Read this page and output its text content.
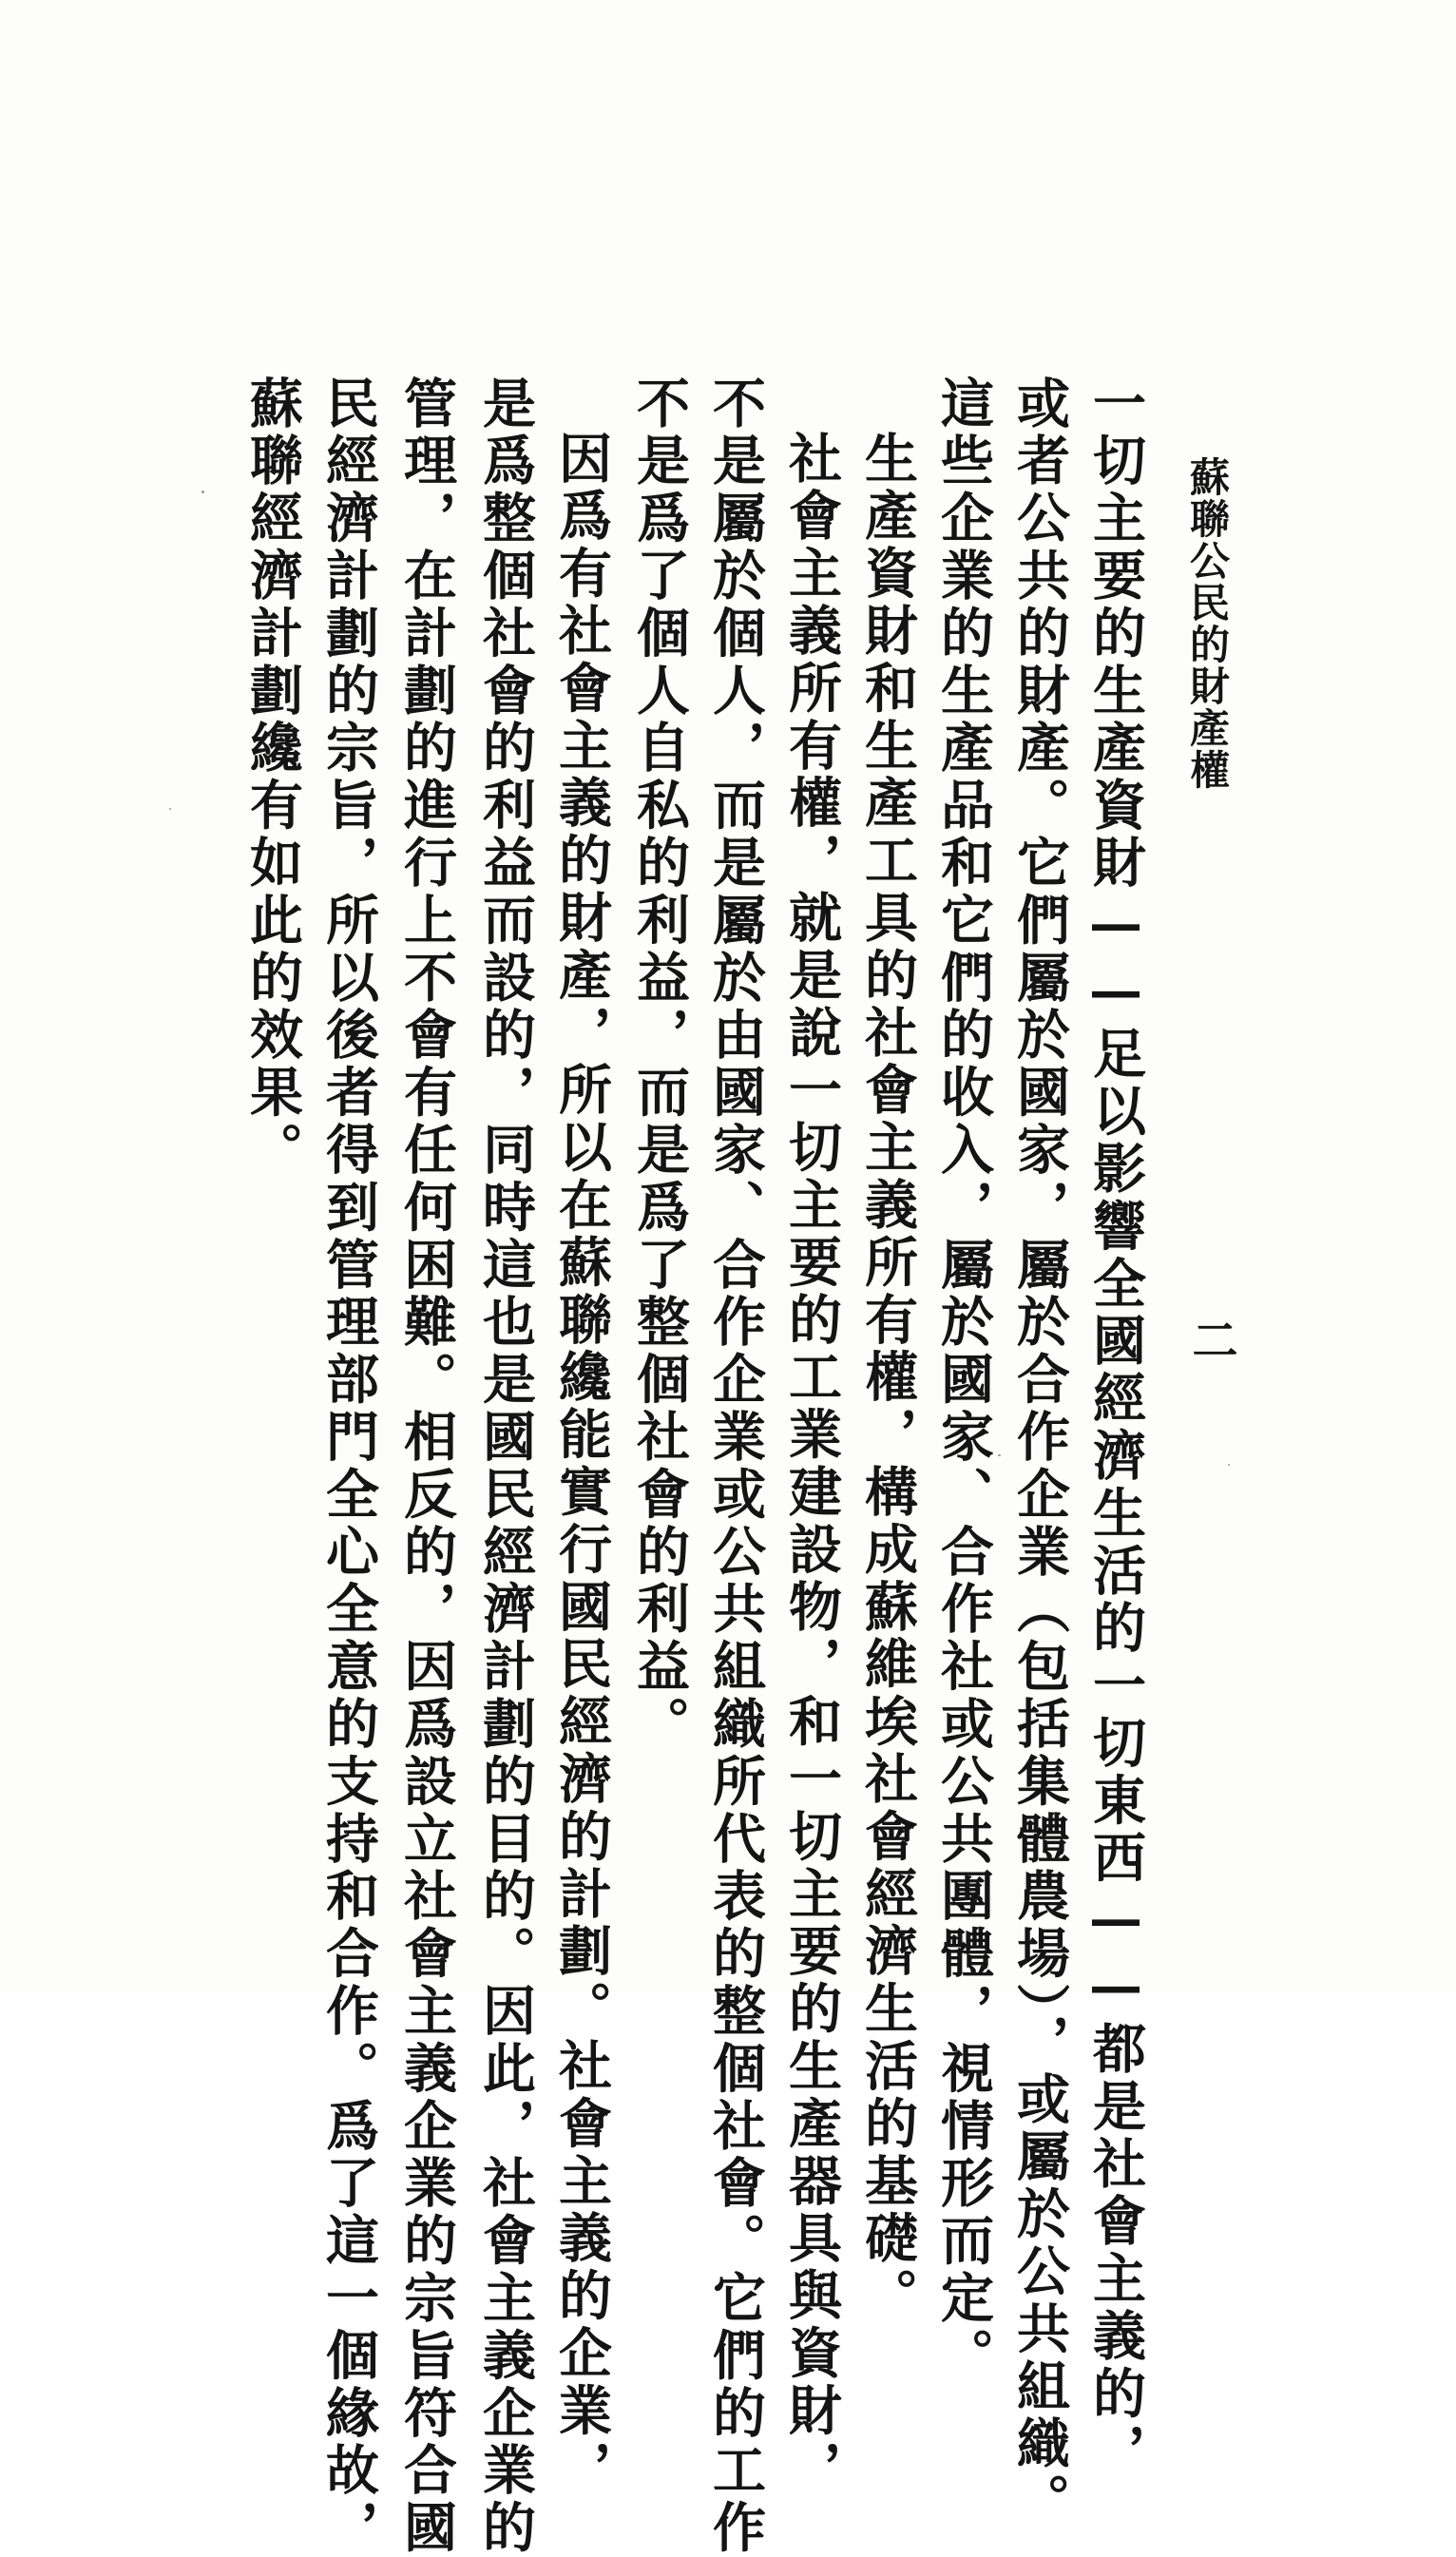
蘇聯公民的財產權
二
一切主要的生產資財——足以影響全國經濟生活的一切東西——都是社會主義的，
或者公共的財產。它們屬於國家，屬於合作企業（包括集體農場），或屬於公共組織。
這些企業的生產品和它們的收入，屬於國家、合作社或公共團體，視情形而定。
生產資財和生產工具的社會主義所有權，構成蘇維埃社會經濟生活的基礎。
社會主義所有權，就是說一切主要的工業建設物，和一切主要的生產器具與資財，
不是屬於個人，而是屬於由國家、合作企業或公共組織所代表的整個社會。它們的工作
不是爲了個人自私的利益，而是爲了整個社會的利益。
因爲有社會主義的財產，所以在蘇聯纔能實行國民經濟的計劃。社會主義的企業，
是爲整個社會的利益而設的，同時這也是國民經濟計劃的目的。因此，社會主義企業的
管理，在計劃的進行上不會有任何困難。相反的，因爲設立社會主義企業的宗旨符合國
民經濟計劃的宗旨，所以後者得到管理部門全心全意的支持和合作。爲了這一個緣故，
蘇聯經濟計劃纔有如此的效果。
